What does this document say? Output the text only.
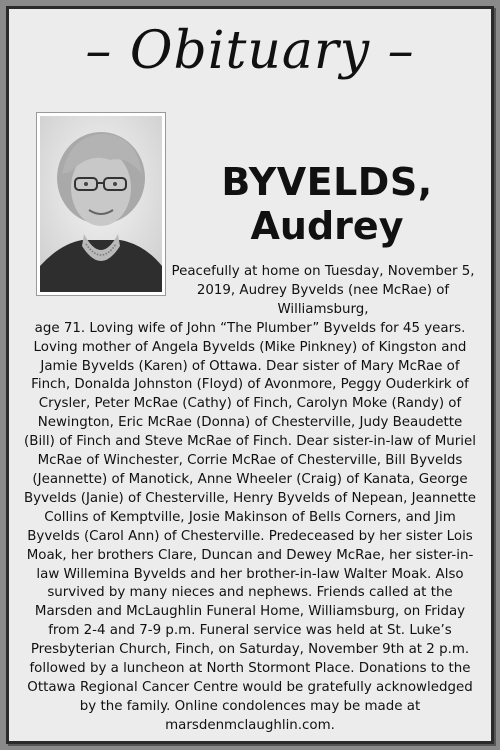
– Obituary –
BYVELDS,
Audrey

Peacefully at home on Tuesday, November 5, 2019, Audrey Byvelds (nee McRae) of Williamsburg,

age 71. Loving wife of John “The Plumber” Byvelds for 45 years. Loving mother of Angela Byvelds (Mike Pinkney) of Kingston and Jamie Byvelds (Karen) of Ottawa. Dear sister of Mary McRae of Finch, Donalda Johnston (Floyd) of Avonmore, Peggy Ouderkirk of Crysler, Peter McRae (Cathy) of Finch, Carolyn Moke (Randy) of Newington, Eric McRae (Donna) of Chesterville, Judy Beaudette (Bill) of Finch and Steve McRae of Finch. Dear sister-in-law of Muriel McRae of Winchester, Corrie McRae of Chesterville, Bill Byvelds (Jeannette) of Manotick, Anne Wheeler (Craig) of Kanata, George Byvelds (Janie) of Chesterville, Henry Byvelds of Nepean, Jeannette Collins of Kemptville, Josie Makinson of Bells Corners, and Jim Byvelds (Carol Ann) of Chesterville. Predeceased by her sister Lois Moak, her brothers Clare, Duncan and Dewey McRae, her sister-in-law Willemina Byvelds and her brother-in-law Walter Moak. Also survived by many nieces and nephews. Friends called at the Marsden and McLaughlin Funeral Home, Williamsburg, on Friday from 2-4 and 7-9 p.m. Funeral service was held at St. Luke’s Presbyterian Church, Finch, on Saturday, November 9th at 2 p.m. followed by a luncheon at North Stormont Place. Donations to the Ottawa Regional Cancer Centre would be gratefully acknowledged by the family. Online condolences may be made at marsdenmclaughlin.com.
